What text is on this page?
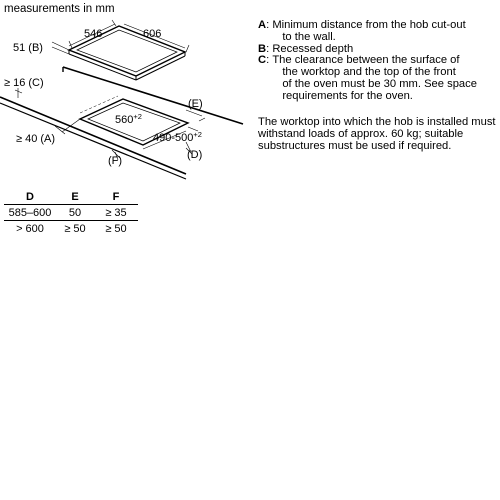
measurements in mm
546	606
51 (B)
≥ 16 (C)
≥ 40 (A)
$560^{+2}$
$490-500^{+2}$
(D)
(E)
(F)
A: Minimum distance from the hob cut-out
to the wall.
B: Recessed depth
C: The clearance between the surface of
the worktop and the top of the front
of the oven must be 30 mm. See space
requirements for the oven.
The worktop into which the hob is installed must withstand loads of approx. 60 kg; suitable substructures must be used if required.
D	E	F
585–600	50	≥ 35
> 600	≥ 50	≥ 50
